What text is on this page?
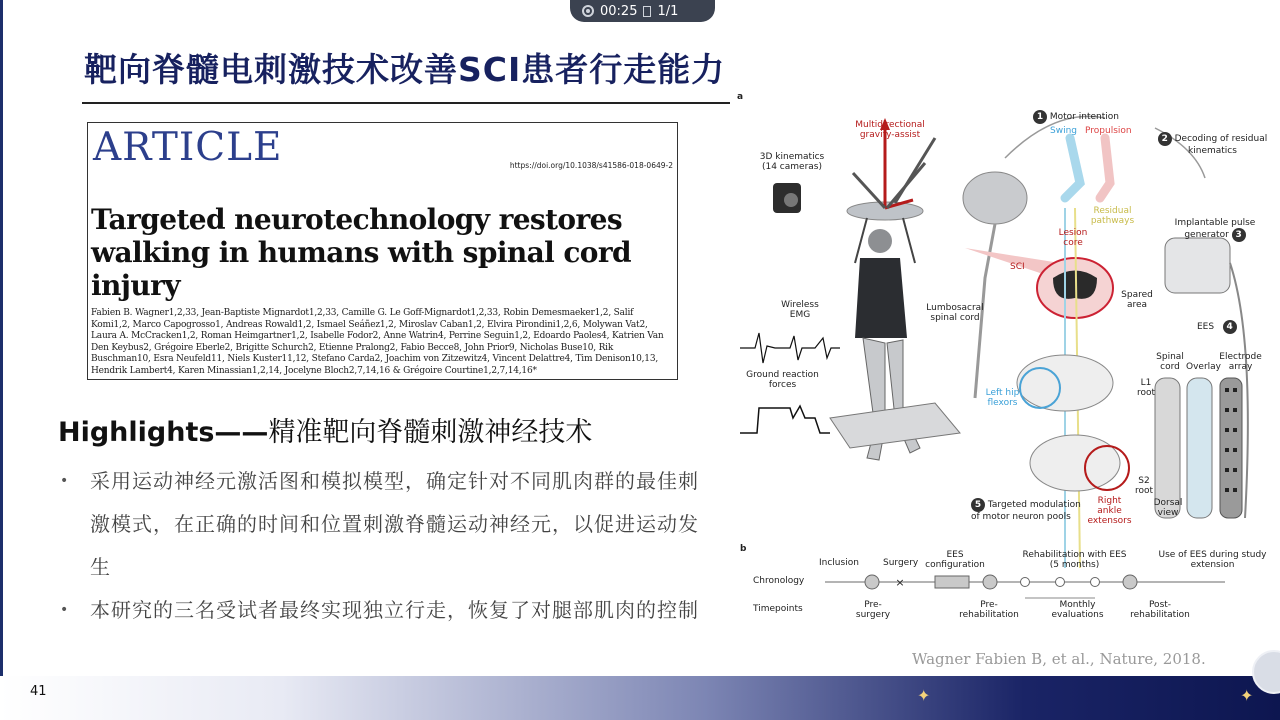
00:25 1/1
靶向脊髓电刺激技术改善SCI患者行走能力
ARTICLE	https://doi.org/10.1038/s41586-018-0649-2
Targeted neurotechnology restores walking in humans with spinal cord injury
Fabien B. Wagner1,2,33, Jean-Baptiste Mignardot1,2,33, Camille G. Le Goff-Mignardot1,2,33, Robin Demesmaeker1,2, Salif Komi1,2, Marco Capogrosso1, Andreas Rowald1,2, Ismael Seáñez1,2, Miroslav Caban1,2, Elvira Pirondini1,2,6, Molywan Vat2, Laura A. McCracken1,2, Roman Heimgartner1,2, Isabelle Fodor2, Anne Watrin4, Perrine Seguin1,2, Edoardo Paoles4, Katrien Van Den Keybus2, Grégoire Eberle2, Brigitte Schurch2, Etienne Pralong2, Fabio Becce8, John Prior9, Nicholas Buse10, Rik Buschman10, Esra Neufeld11, Niels Kuster11,12, Stefano Carda2, Joachim von Zitzewitz4, Vincent Delattre4, Tim Denison10,13, Hendrik Lambert4, Karen Minassian1,2,14, Jocelyne Bloch2,7,14,16 & Grégoire Courtine1,2,7,14,16*
Highlights——精准靶向脊髓刺激神经技术
• 采用运动神经元激活图和模拟模型，确定针对不同肌肉群的最佳刺激模式，在正确的时间和位置刺激脊髓运动神经元，以促进运动发生
• 本研究的三名受试者最终实现独立行走，恢复了对腿部肌肉的控制
×
a
Multidirectional gravity-assist
3D kinematics (14 cameras)
Wireless EMG
Ground reaction forces
Lumbosacral spinal cord
1 Motor intention
Swing Propulsion
2 Decoding of residual kinematics
Implantable pulse generator 3
Residual pathways
Lesion core
SCI
Spared area
EES 4
Spinal cord Overlay
Electrode array
L1 root
S2 root
Dorsal view
Left hip flexors
Right ankle extensors
5 Targeted modulation of motor neuron pools
b
Inclusion	Surgery
EES configuration
Rehabilitation with EES (5 months)
Use of EES during study extension
Chronology
Timepoints	Pre-surgery
Pre-rehabilitation
Monthly evaluations
Post-rehabilitation
Wagner Fabien B, et al., Nature, 2018.
41	✦	✦
